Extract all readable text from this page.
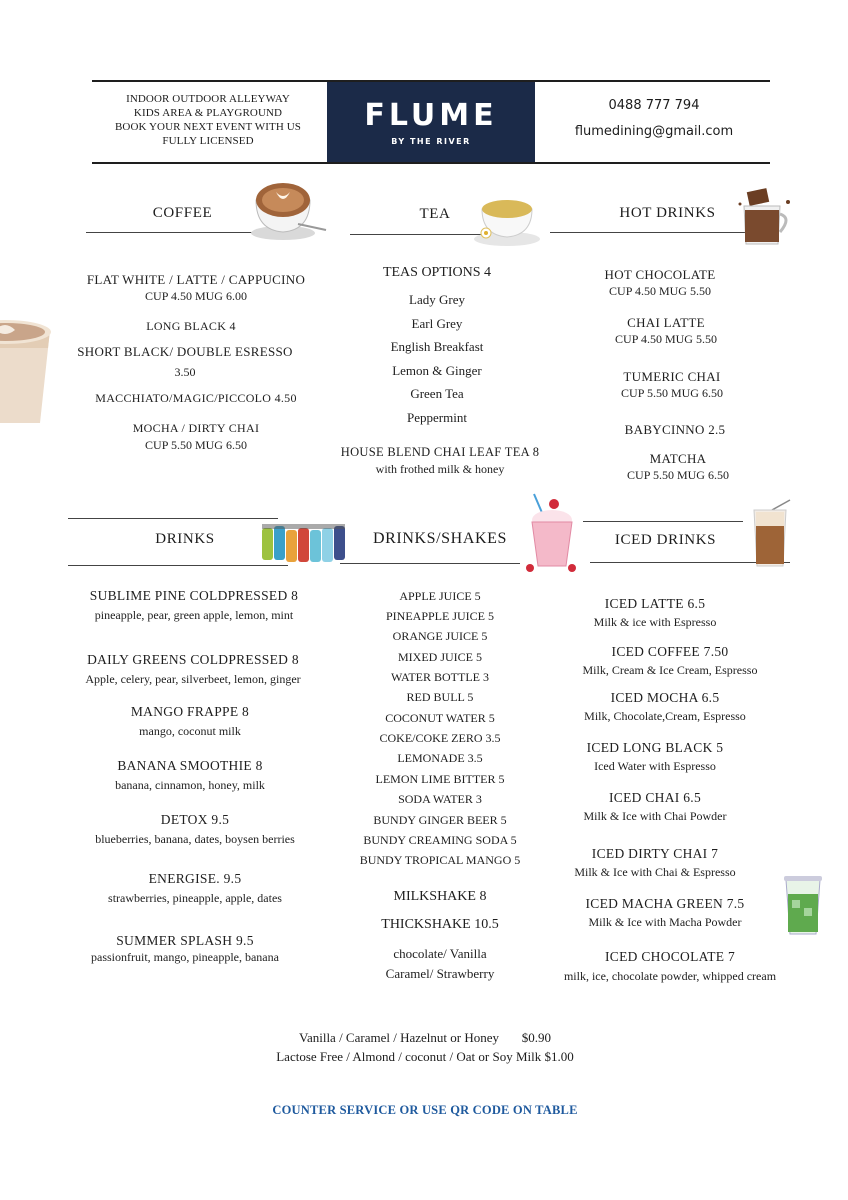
INDOOR OUTDOOR ALLEYWAY
KIDS AREA & PLAYGROUND
BOOK YOUR NEXT EVENT WITH US
FULLY LICENSED
FLUME
BY THE RIVER
0488 777 794
flumedining@gmail.com
COFFEE	TEA	HOT DRINKS
FLAT WHITE / LATTE / CAPPUCINO
CUP 4.50 MUG 6.00
LONG BLACK 4
SHORT BLACK/ DOUBLE ESRESSO
3.50
MACCHIATO/MAGIC/PICCOLO 4.50
MOCHA / DIRTY CHAI
CUP 5.50 MUG 6.50
TEAS OPTIONS 4
Lady Grey
Earl Grey
English Breakfast
Lemon & Ginger
Green Tea
Peppermint
HOUSE BLEND CHAI LEAF TEA 8
with frothed milk & honey
HOT CHOCOLATE
CUP 4.50 MUG 5.50
CHAI LATTE
CUP 4.50 MUG 5.50
TUMERIC CHAI
CUP 5.50 MUG 6.50
BABYCINNO 2.5
MATCHA
CUP 5.50 MUG 6.50
DRINKS	DRINKS/SHAKES	ICED DRINKS
SUBLIME PINE COLDPRESSED 8
pineapple, pear, green apple, lemon, mint
DAILY GREENS COLDPRESSED 8
Apple, celery, pear, silverbeet, lemon, ginger
MANGO FRAPPE 8
mango, coconut milk
BANANA SMOOTHIE 8
banana, cinnamon, honey, milk
DETOX 9.5
blueberries, banana, dates, boysen berries
ENERGISE. 9.5
strawberries, pineapple, apple, dates
SUMMER SPLASH 9.5
passionfruit, mango, pineapple, banana
APPLE JUICE 5
PINEAPPLE JUICE 5
ORANGE JUICE 5
MIXED JUICE 5
WATER BOTTLE 3
RED BULL 5
COCONUT WATER 5
COKE/COKE ZERO 3.5
LEMONADE 3.5
LEMON LIME BITTER 5
SODA WATER 3
BUNDY GINGER BEER 5
BUNDY CREAMING SODA 5
BUNDY TROPICAL MANGO 5
MILKSHAKE 8
THICKSHAKE 10.5
chocolate/ Vanilla
Caramel/ Strawberry
ICED LATTE 6.5
Milk & ice with Espresso
ICED COFFEE 7.50
Milk, Cream & Ice Cream, Espresso
ICED MOCHA 6.5
Milk, Chocolate,Cream, Espresso
ICED LONG BLACK 5
Iced Water with Espresso
ICED CHAI 6.5
Milk & Ice with Chai Powder
ICED DIRTY CHAI 7
Milk & Ice with Chai & Espresso
ICED MACHA GREEN 7.5
Milk & Ice with Macha Powder
ICED CHOCOLATE 7
milk, ice, chocolate powder, whipped cream
Vanilla / Caramel / Hazelnut or Honey       $0.90
Lactose Free / Almond / coconut / Oat or Soy Milk $1.00
COUNTER SERVICE OR USE QR CODE ON TABLE
